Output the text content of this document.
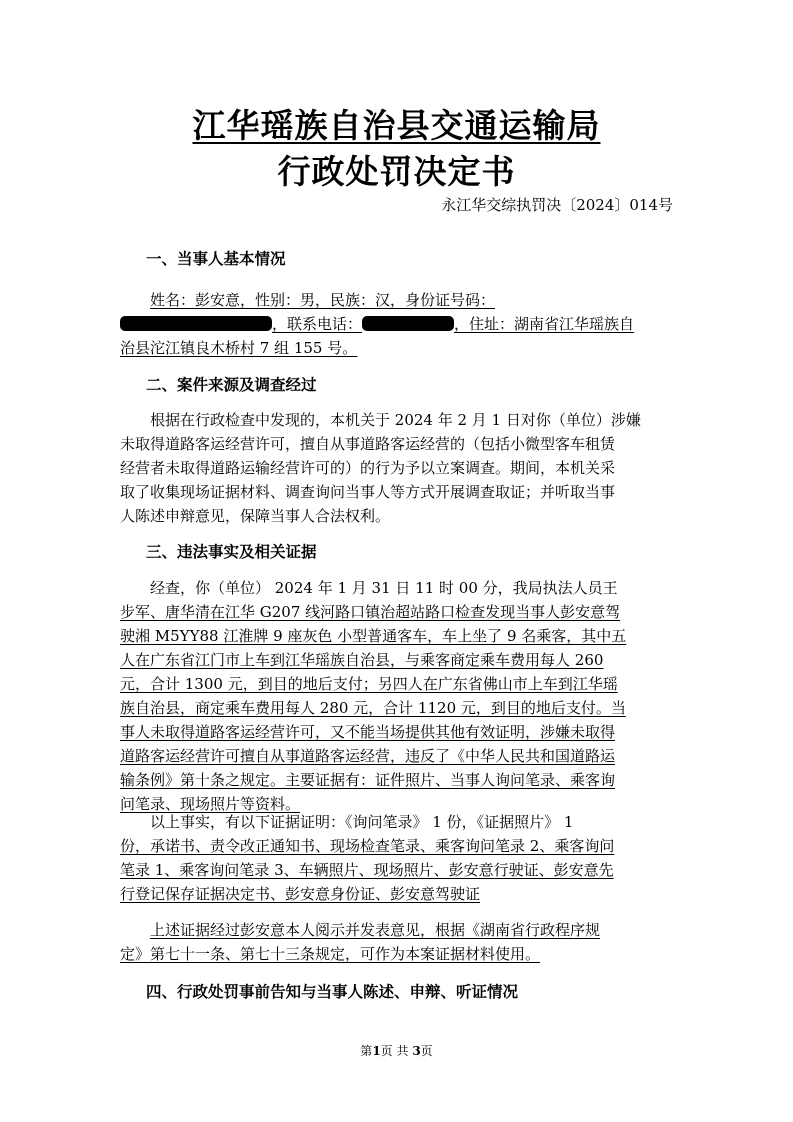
江华瑶族自治县交通运输局
行政处罚决定书
永江华交综执罚决〔2024〕014号
一、当事人基本情况
姓名：彭安意，性别：男，民族：汉，身份证号码：
，联系电话：	，住址：湖南省江华瑶族自
治县沱江镇良木桥村 7 组 155 号。
二、案件来源及调查经过
根据在行政检查中发现的，本机关于 2024 年 2 月 1 日对你（单位）涉嫌
未取得道路客运经营许可，擅自从事道路客运经营的（包括小微型客车租赁
经营者未取得道路运输经营许可的）的行为予以立案调查。期间，本机关采
取了收集现场证据材料、调查询问当事人等方式开展调查取证；并听取当事
人陈述申辩意见，保障当事人合法权利。
三、违法事实及相关证据
经查，你（单位） 2024 年 1 月 31 日 11 时 00 分，我局执法人员王
步军、唐华清在江华 G207 线河路口镇治超站路口检查发现当事人彭安意驾
驶湘 M5YY88 江淮牌 9 座灰色 小型普通客车，车上坐了 9 名乘客，其中五
人在广东省江门市上车到江华瑶族自治县，与乘客商定乘车费用每人 260
元，合计 1300 元，到目的地后支付；另四人在广东省佛山市上车到江华瑶
族自治县，商定乘车费用每人 280 元，合计 1120 元，到目的地后支付。当
事人未取得道路客运经营许可，又不能当场提供其他有效证明，涉嫌未取得
道路客运经营许可擅自从事道路客运经营，违反了《中华人民共和国道路运
输条例》第十条之规定。主要证据有：证件照片、当事人询问笔录、乘客询
问笔录、现场照片等资料。
以上事实，有以下证据证明：《询问笔录》 1 份，《证据照片》 1
份，承诺书、责令改正通知书、现场检查笔录、乘客询问笔录 2、乘客询问
笔录 1、乘客询问笔录 3、车辆照片、现场照片、彭安意行驶证、彭安意先
行登记保存证据决定书、彭安意身份证、彭安意驾驶证
上述证据经过彭安意本人阅示并发表意见，根据《湖南省行政程序规
定》第七十一条、第七十三条规定，可作为本案证据材料使用。
四、行政处罚事前告知与当事人陈述、申辩、听证情况
第1页 共 3页
